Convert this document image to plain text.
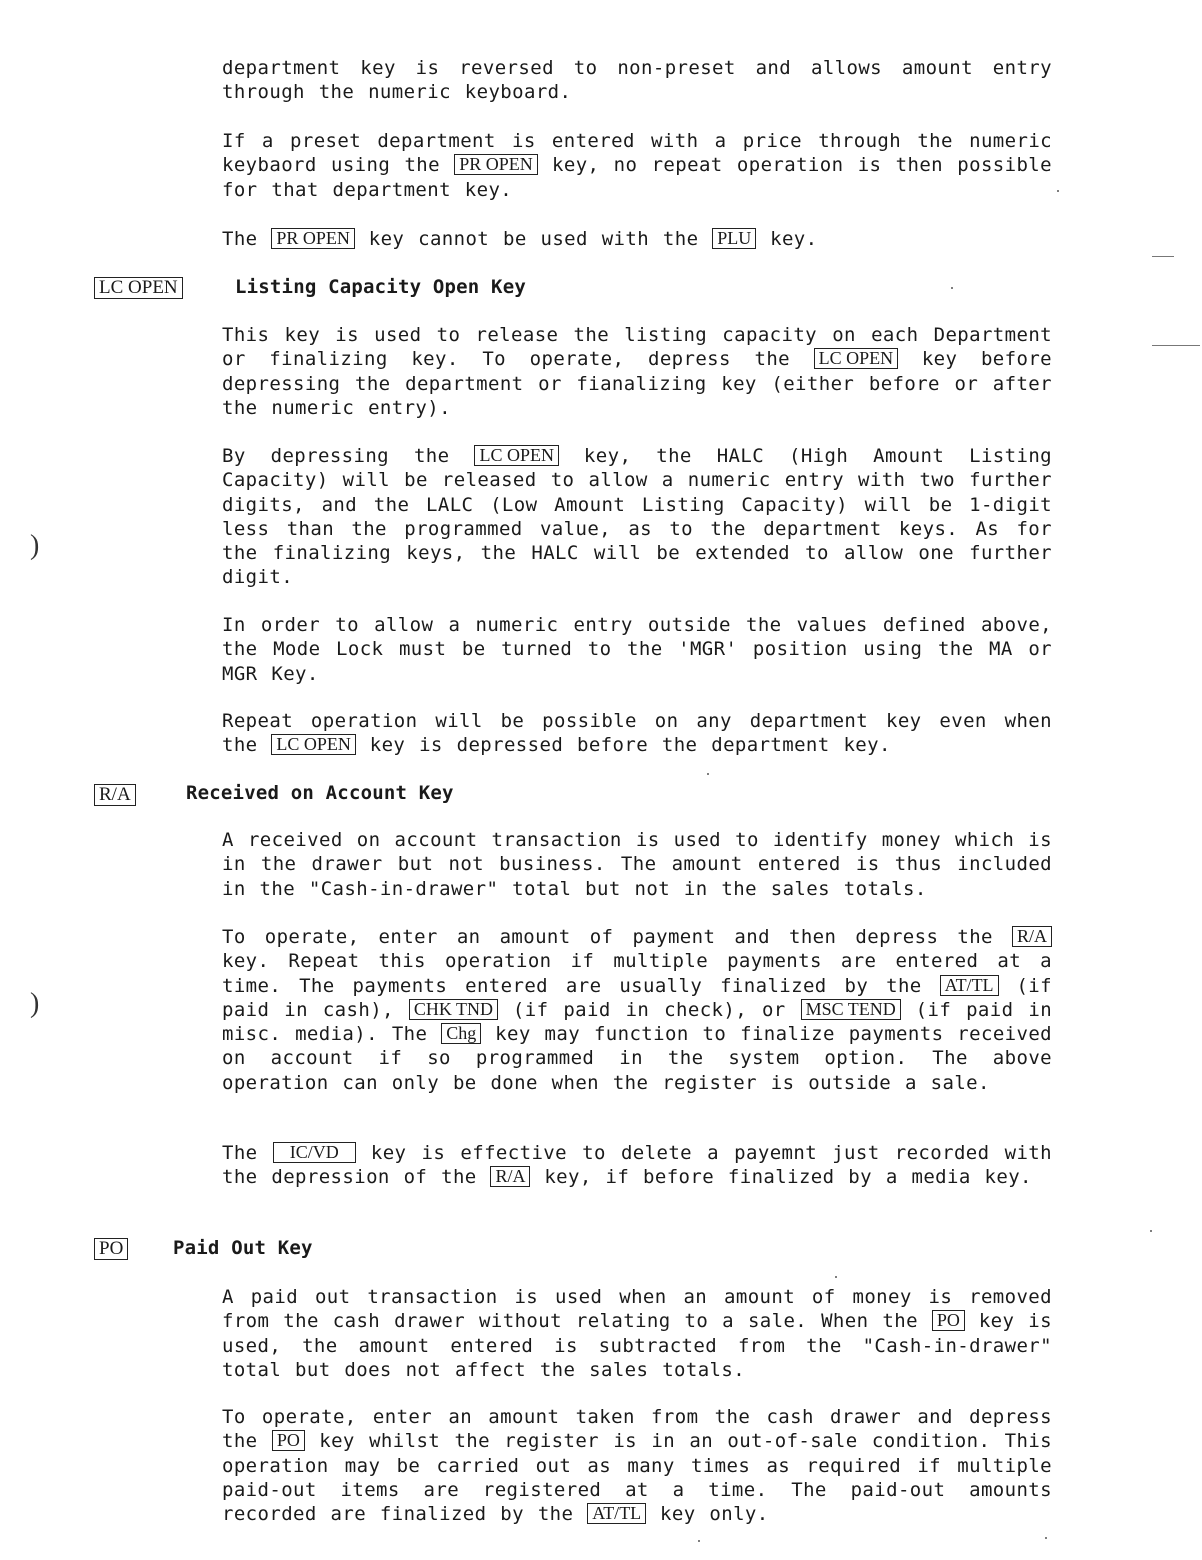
department key is reversed to non-preset and allows amount entry through the numeric keyboard.

If a preset department is entered with a price through the numeric keybaord using the PR OPEN key, no repeat operation is then possible for that department key.

The PR OPEN key cannot be used with the PLU key.

LC OPEN	Listing Capacity Open Key

This key is used to release the listing capacity on each Department or finalizing key. To operate, depress the LC OPEN key before depressing the department or fianalizing key (either before or after the numeric entry).

By depressing the LC OPEN key, the HALC (High Amount Listing Capacity) will be released to allow a numeric entry with two further digits, and the LALC (Low Amount Listing Capacity) will be 1-digit less than the programmed value, as to the department keys. As for the finalizing keys, the HALC will be extended to allow one further digit.

In order to allow a numeric entry outside the values defined above, the Mode Lock must be turned to the 'MGR' position using the MA or MGR Key.

Repeat operation will be possible on any department key even when the LC OPEN key is depressed before the department key.

R/A	Received on Account Key

A received on account transaction is used to identify money which is in the drawer but not business. The amount entered is thus included in the "Cash-in-drawer" total but not in the sales totals.

To operate, enter an amount of payment and then depress the R/A key. Repeat this operation if multiple payments are entered at a time. The payments entered are usually finalized by the AT/TL (if paid in cash), CHK TND (if paid in check), or MSC TEND (if paid in misc. media). The Chg key may function to finalize payments received on account if so programmed in the system option. The above operation can only be done when the register is outside a sale.

The IC/VD key is effective to delete a payemnt just recorded with the depression of the R/A key, if before finalized by a media key.

PO	Paid Out Key

A paid out transaction is used when an amount of money is removed from the cash drawer without relating to a sale. When the PO key is used, the amount entered is subtracted from the "Cash-in-drawer" total but does not affect the sales totals.

To operate, enter an amount taken from the cash drawer and depress the PO key whilst the register is in an out-of-sale condition. This operation may be carried out as many times as required if multiple paid-out items are registered at a time. The paid-out amounts recorded are finalized by the AT/TL key only.

)
)
